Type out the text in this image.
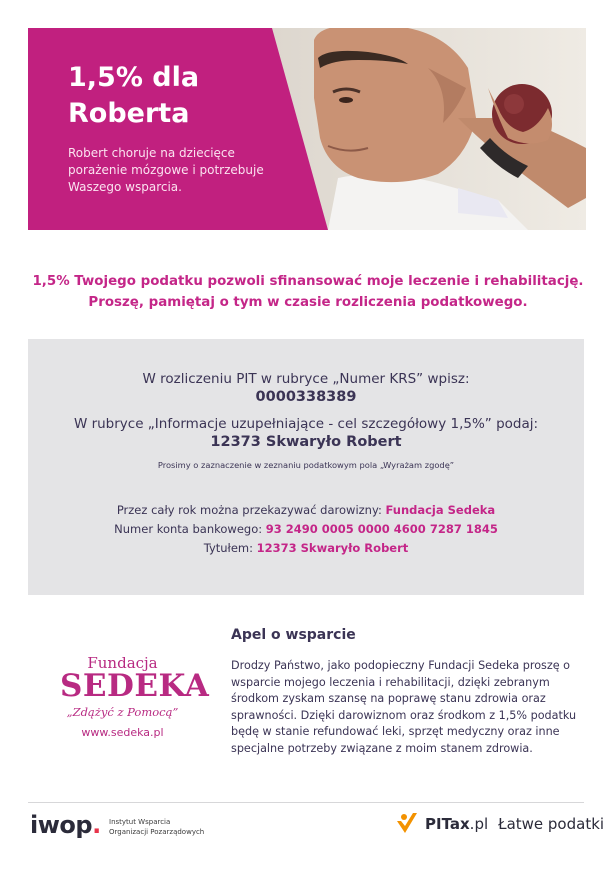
1,5% dla
Roberta

Robert choruje na dziecięce porażenie mózgowe i potrzebuje Waszego wsparcia.

1,5% Twojego podatku pozwoli sfinansować moje leczenie i rehabilitację.
Proszę, pamiętaj o tym w czasie rozliczenia podatkowego.

W rozliczeniu PIT w rubryce „Numer KRS” wpisz:

0000338389

W rubryce „Informacje uzupełniające - cel szczegółowy 1,5%” podaj:

12373 Skwaryło Robert

Prosimy o zaznaczenie w zeznaniu podatkowym pola „Wyrażam zgodę”

Przez cały rok można przekazywać darowizny: Fundacja Sedeka

Numer konta bankowego: 93 2490 0005 0000 4600 7287 1845

Tytułem: 12373 Skwaryło Robert

Fundacja
SEDEKA
„Zdążyć z Pomocą”
www.sedeka.pl
Apel o wsparcie

Drodzy Państwo, jako podopieczny Fundacji Sedeka proszę o wsparcie mojego leczenia i rehabilitacji, dzięki zebranym środkom zyskam szansę na poprawę stanu zdrowia oraz sprawności. Dzięki darowiznom oraz środkom z 1,5% podatku będę w stanie refundować leki, sprzęt medyczny oraz inne specjalne potrzeby związane z moim stanem zdrowia.

iwop. Instytut Wsparcia
Organizacji Pozarządowych	PITax.pl Łatwe podatki
